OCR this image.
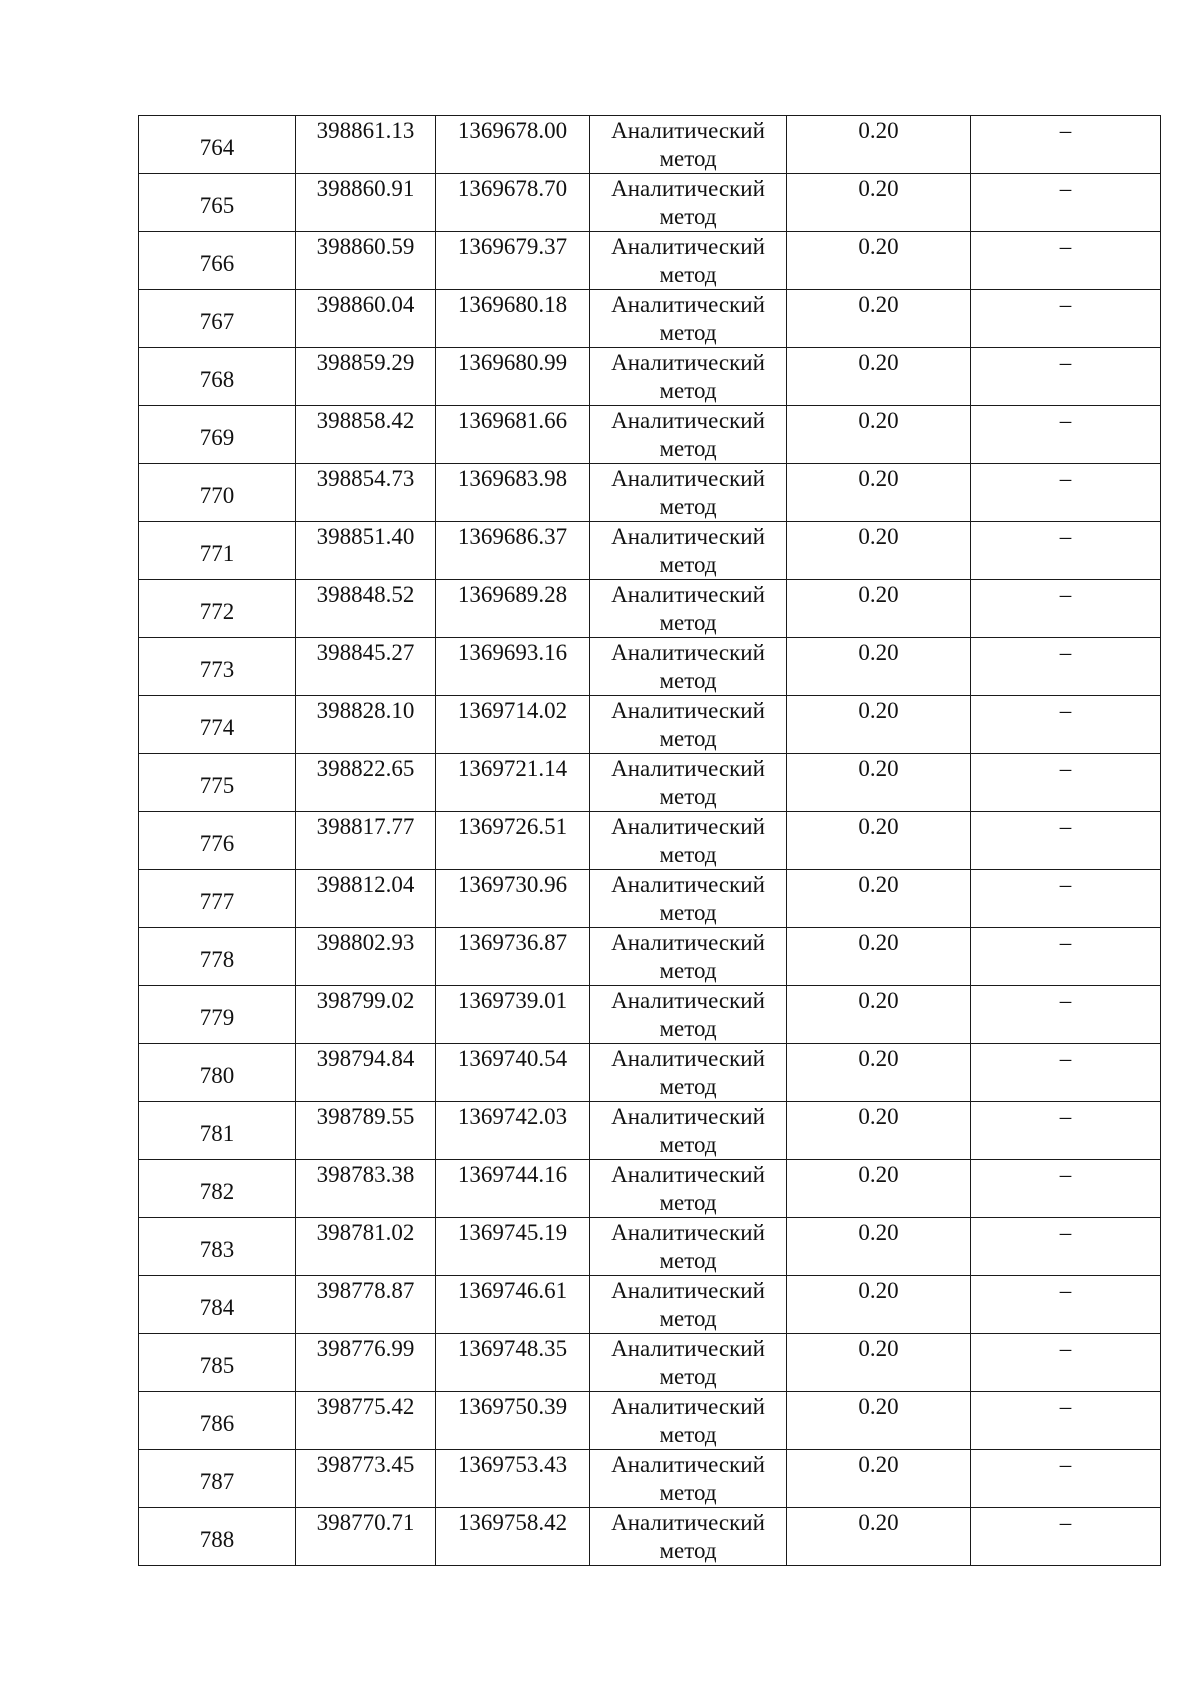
764	398861.13	1369678.00	Аналитический метод	0.20	–
765	398860.91	1369678.70	Аналитический метод	0.20	–
766	398860.59	1369679.37	Аналитический метод	0.20	–
767	398860.04	1369680.18	Аналитический метод	0.20	–
768	398859.29	1369680.99	Аналитический метод	0.20	–
769	398858.42	1369681.66	Аналитический метод	0.20	–
770	398854.73	1369683.98	Аналитический метод	0.20	–
771	398851.40	1369686.37	Аналитический метод	0.20	–
772	398848.52	1369689.28	Аналитический метод	0.20	–
773	398845.27	1369693.16	Аналитический метод	0.20	–
774	398828.10	1369714.02	Аналитический метод	0.20	–
775	398822.65	1369721.14	Аналитический метод	0.20	–
776	398817.77	1369726.51	Аналитический метод	0.20	–
777	398812.04	1369730.96	Аналитический метод	0.20	–
778	398802.93	1369736.87	Аналитический метод	0.20	–
779	398799.02	1369739.01	Аналитический метод	0.20	–
780	398794.84	1369740.54	Аналитический метод	0.20	–
781	398789.55	1369742.03	Аналитический метод	0.20	–
782	398783.38	1369744.16	Аналитический метод	0.20	–
783	398781.02	1369745.19	Аналитический метод	0.20	–
784	398778.87	1369746.61	Аналитический метод	0.20	–
785	398776.99	1369748.35	Аналитический метод	0.20	–
786	398775.42	1369750.39	Аналитический метод	0.20	–
787	398773.45	1369753.43	Аналитический метод	0.20	–
788	398770.71	1369758.42	Аналитический метод	0.20	–
